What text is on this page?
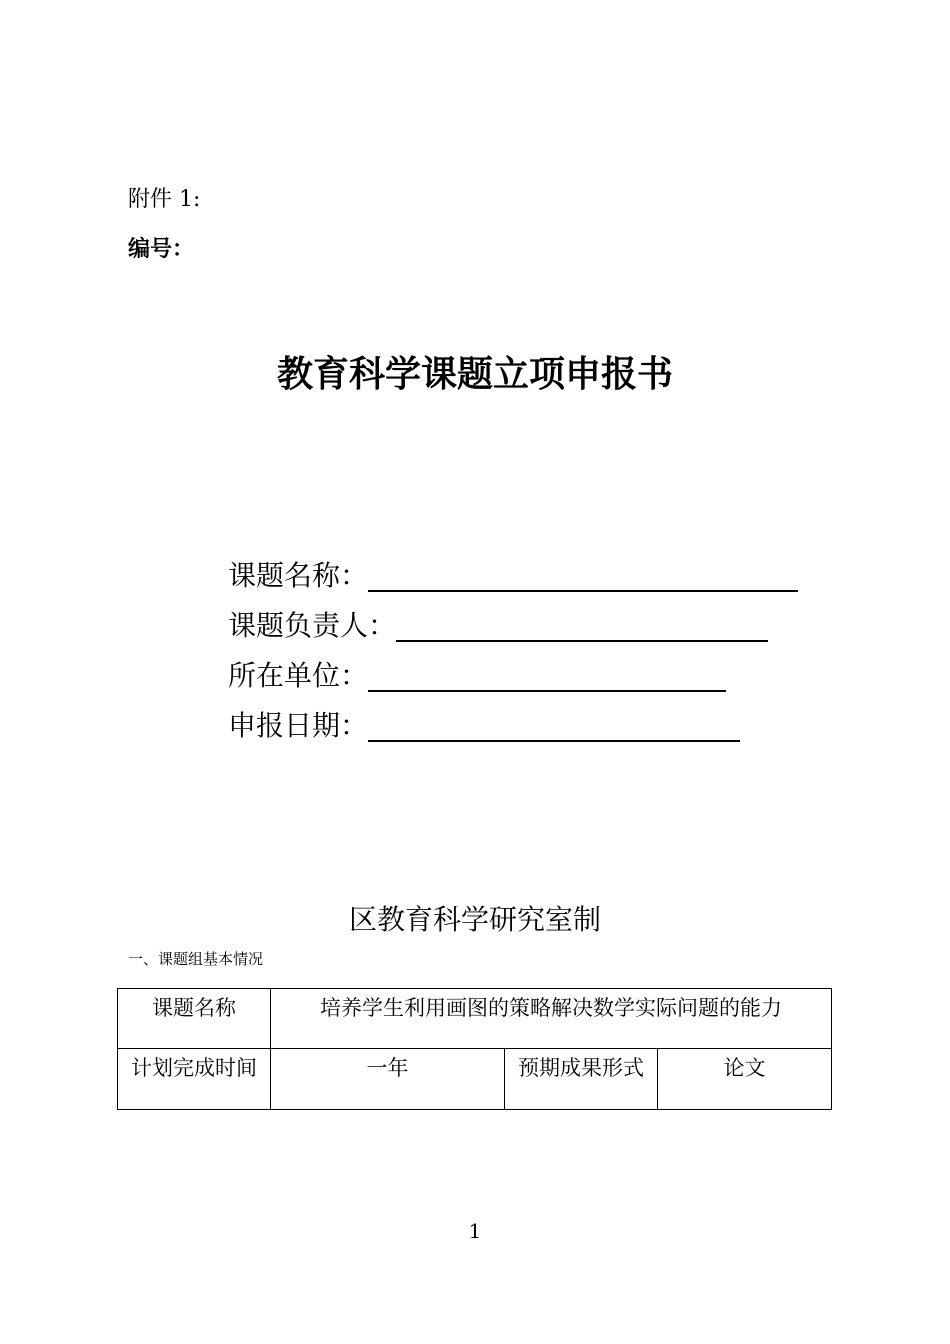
附件 1:
编号：
教育科学课题立项申报书
课题名称：
课题负责人：
所在单位：
申报日期：
区教育科学研究室制
一、课题组基本情况
课题名称	培养学生利用画图的策略解决数学实际问题的能力		
计划完成时间	一年	预期成果形式	论文
1
